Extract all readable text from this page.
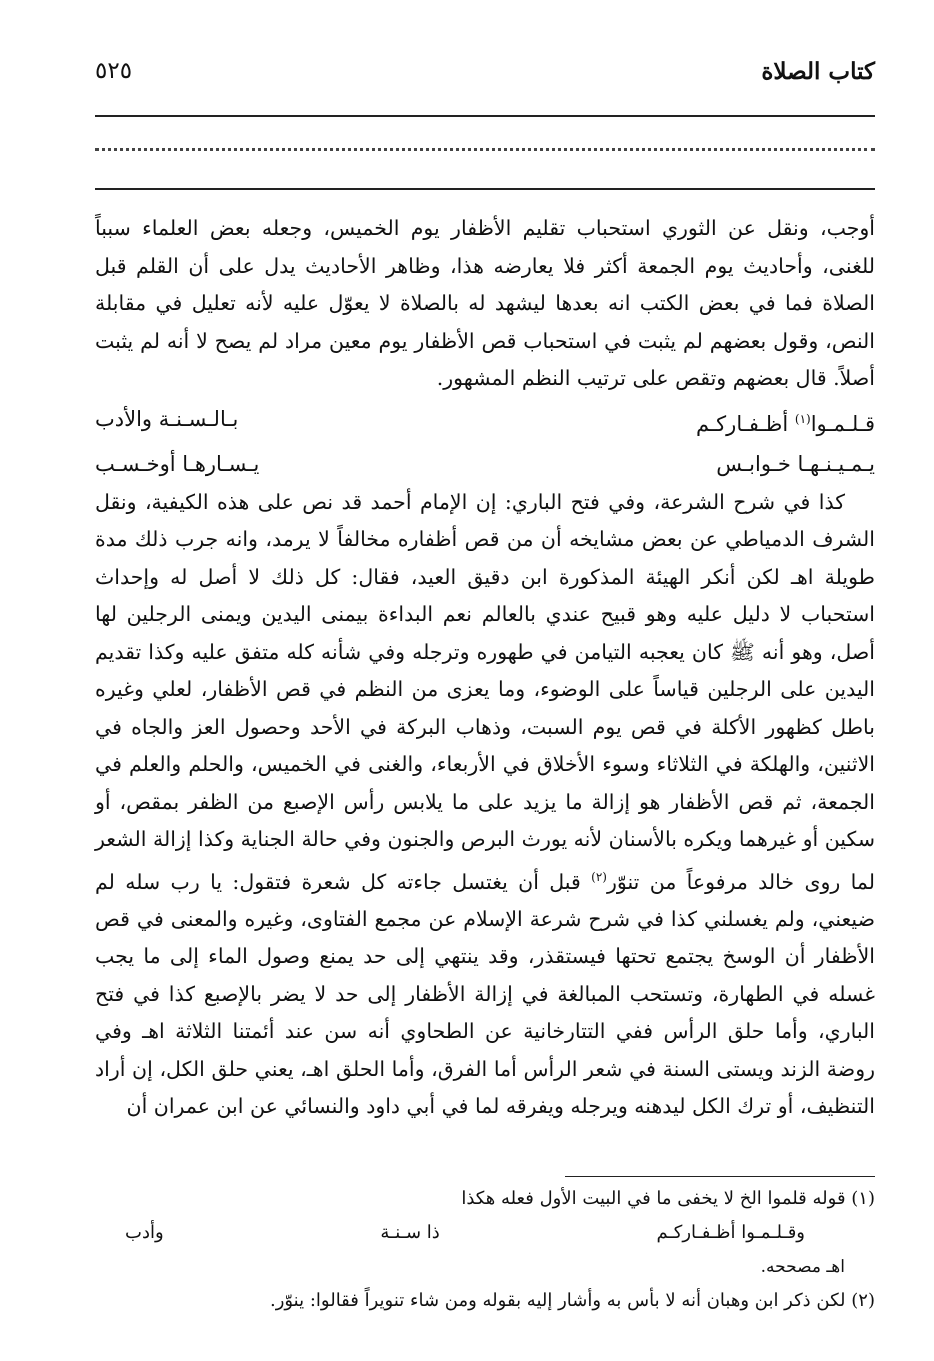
كتاب الصلاة
٥٢٥

أوجب، ونقل عن الثوري استحباب تقليم الأظفار يوم الخميس، وجعله بعض العلماء سبباً للغنى، وأحاديث يوم الجمعة أكثر فلا يعارضه هذا، وظاهر الأحاديث يدل على أن القلم قبل الصلاة فما في بعض الكتب انه بعدها ليشهد له بالصلاة لا يعوّل عليه لأنه تعليل في مقابلة النص، وقول بعضهم لم يثبت في استحباب قص الأظفار يوم معين مراد لم يصح لا أنه لم يثبت أصلاً. قال بعضهم وتقص على ترتيب النظم المشهور.

قـلـمـوا$^{(١)}$ أظـفـاركـم
بـالـسـنـة والأدب
يـمـيـنـهـا خـوابـس
يـسـارهـا أوخـسـب

كذا في شرح الشرعة، وفي فتح الباري: إن الإمام أحمد قد نص على هذه الكيفية، ونقل الشرف الدمياطي عن بعض مشايخه أن من قص أظفاره مخالفاً لا يرمد، وانه جرب ذلك مدة طويلة اهـ لكن أنكر الهيئة المذكورة ابن دقيق العيد، فقال: كل ذلك لا أصل له وإحداث استحباب لا دليل عليه وهو قبيح عندي بالعالم نعم البداءة بيمنى اليدين ويمنى الرجلين لها أصل، وهو أنه ﷺ كان يعجبه التيامن في طهوره وترجله وفي شأنه كله متفق عليه وكذا تقديم اليدين على الرجلين قياساً على الوضوء، وما يعزى من النظم في قص الأظفار، لعلي وغيره باطل كظهور الأكلة في قص يوم السبت، وذهاب البركة في الأحد وحصول العز والجاه في الاثنين، والهلكة في الثلاثاء وسوء الأخلاق في الأربعاء، والغنى في الخميس، والحلم والعلم في الجمعة، ثم قص الأظفار هو إزالة ما يزيد على ما يلابس رأس الإصبع من الظفر بمقص، أو سكين أو غيرهما ويكره بالأسنان لأنه يورث البرص والجنون وفي حالة الجناية وكذا إزالة الشعر لما روى خالد مرفوعاً من تنوّر$^{(٢)}$ قبل أن يغتسل جاءته كل شعرة فتقول: يا رب سله لم ضيعني، ولم يغسلني كذا في شرح شرعة الإسلام عن مجمع الفتاوى، وغيره والمعنى في قص الأظفار أن الوسخ يجتمع تحتها فيستقذر، وقد ينتهي إلى حد يمنع وصول الماء إلى ما يجب غسله في الطهارة، وتستحب المبالغة في إزالة الأظفار إلى حد لا يضر بالإصبع كذا في فتح الباري، وأما حلق الرأس ففي التتارخانية عن الطحاوي أنه سن عند أئمتنا الثلاثة اهـ وفي روضة الزند ويستى السنة في شعر الرأس أما الفرق، وأما الحلق اهـ، يعني حلق الكل، إن أراد التنظيف، أو ترك الكل ليدهنه ويرجله ويفرقه لما في أبي داود والنسائي عن ابن عمران أن

(١) قوله قلموا الخ لا يخفى ما في البيت الأول فعله هكذا

وقـلـمـوا أظـفـاركـم
ذا سـنـة
وأدب

اهـ مصححه.

(٢) لكن ذكر ابن وهبان أنه لا بأس به وأشار إليه بقوله ومن شاء تنويراً فقالوا: ينوّر.
